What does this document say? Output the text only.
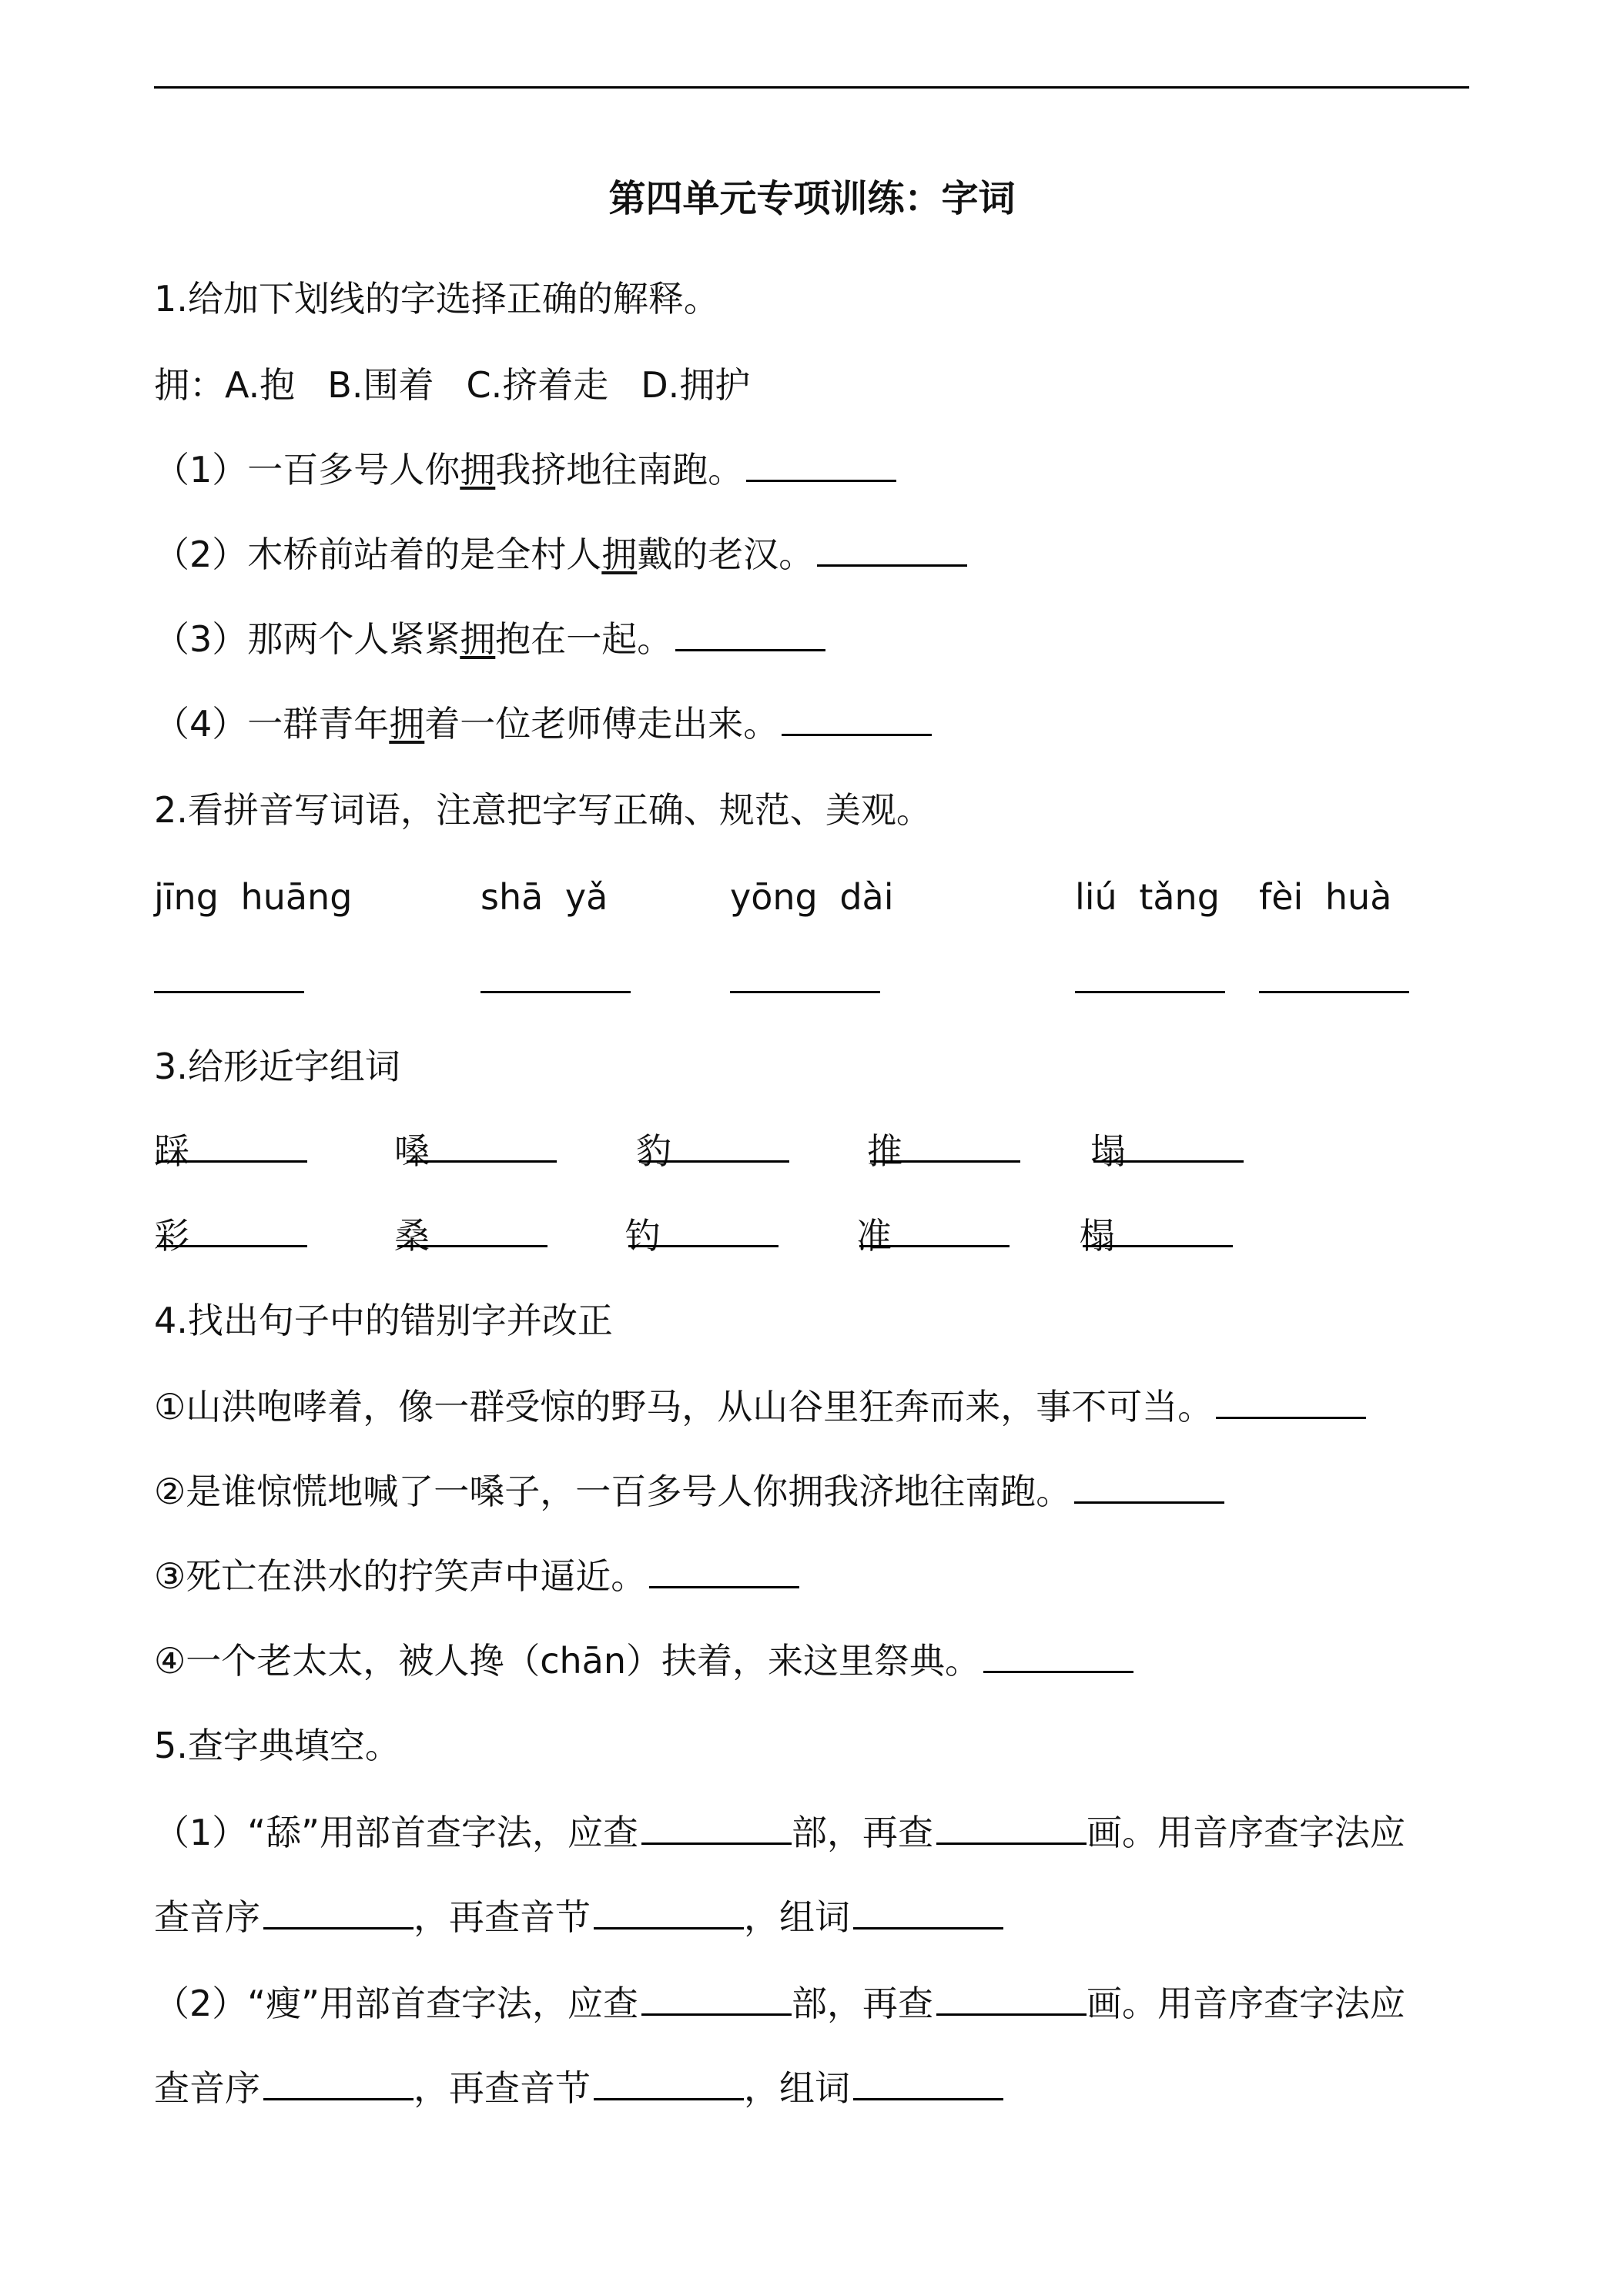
第四单元专项训练：字词
1.给加下划线的字选择正确的解释。
拥：A.抱 B.围着 C.挤着走 D.拥护
（1）一百多号人你拥我挤地往南跑。
（2）木桥前站着的是全村人拥戴的老汉。
（3）那两个人紧紧拥抱在一起。
（4）一群青年拥着一位老师傅走出来。
2.看拼音写词语，注意把字写正确、规范、美观。
jīng huāng	shā yǎ	yōng dài	liú tǎng fèi huà
3.给形近字组词
踩	嗓	豹	推	塌
彩	桑	钓	准	榻
4.找出句子中的错别字并改正
①山洪咆哮着，像一群受惊的野马，从山谷里狂奔而来，事不可当。
②是谁惊慌地喊了一嗓子，一百多号人你拥我济地往南跑。
③死亡在洪水的拧笑声中逼近。
④一个老太太，被人搀（chān）扶着，来这里祭典。
5.查字典填空。
（1）“舔”用部首查字法，应查	部，再查	画。用音序查字法应
查音序	，再查音节	，组词
（2）“瘦”用部首查字法，应查	部，再查	画。用音序查字法应
查音序	，再查音节	，组词
